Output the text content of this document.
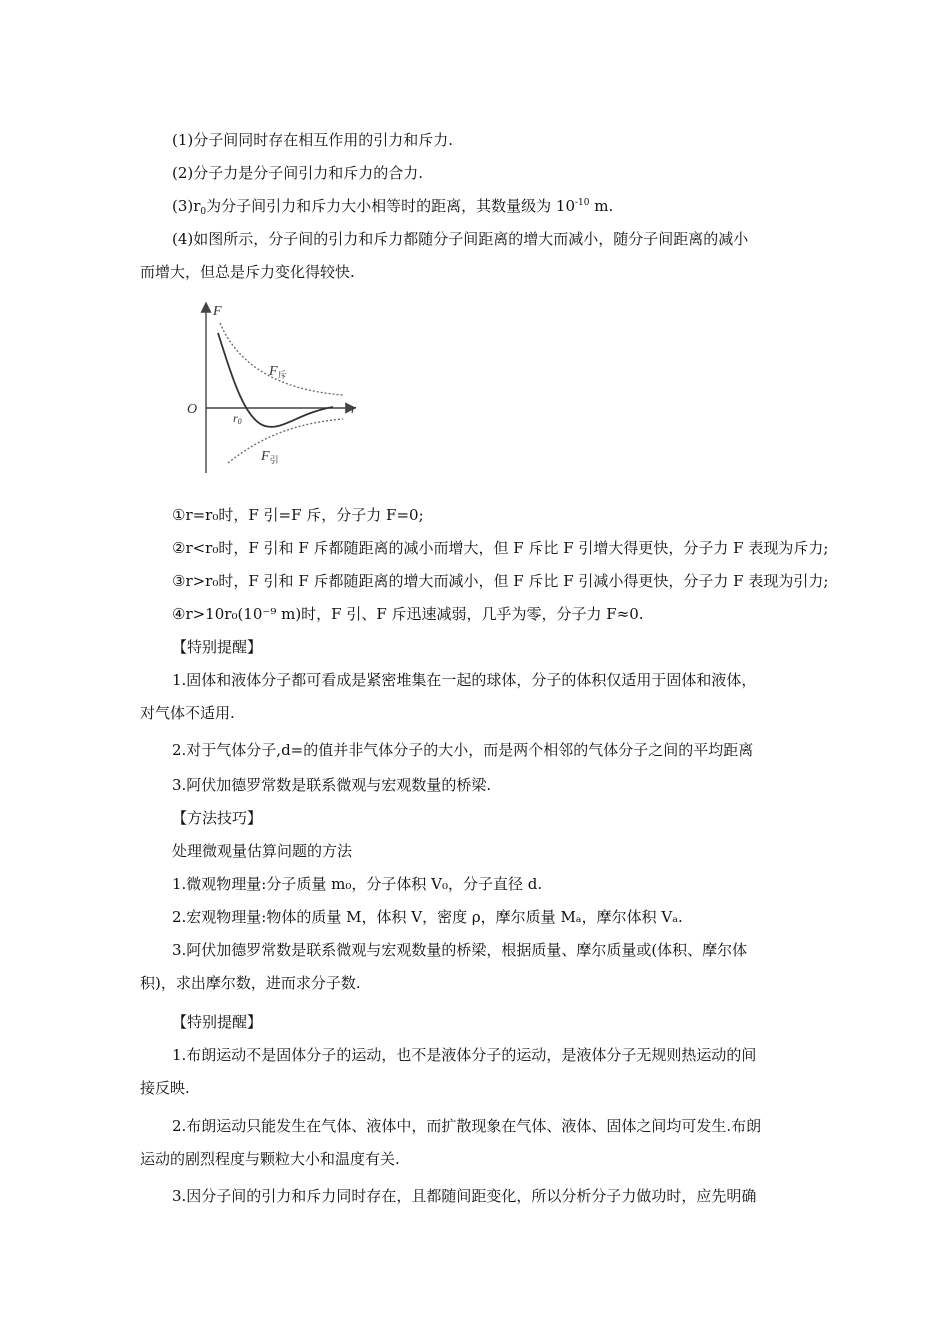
(1)分子间同时存在相互作用的引力和斥力.
(2)分子力是分子间引力和斥力的合力.
$(3)r_0$为分子间引力和斥力大小相等时的距离，其数量级为 $10^{-10}$ m.
(4)如图所示，分子间的引力和斥力都随分子间距离的增大而减小，随分子间距离的减小
而增大，但总是斥力变化得较快.
F
r
O
r0
$F_斥$
$F_引$
①r=r₀时，F 引=F 斥，分子力 F=0;
②r<r₀时，F 引和 F 斥都随距离的减小而增大，但 F 斥比 F 引增大得更快，分子力 F 表现为斥力;
③r>r₀时，F 引和 F 斥都随距离的增大而减小，但 F 斥比 F 引减小得更快，分子力 F 表现为引力;
④r>10r₀(10⁻⁹ m)时，F 引、F 斥迅速减弱，几乎为零，分子力 F≈0.
【特别提醒】
1.固体和液体分子都可看成是紧密堆集在一起的球体，分子的体积仅适用于固体和液体，
对气体不适用.
2.对于气体分子,d=的值并非气体分子的大小，而是两个相邻的气体分子之间的平均距离
3.阿伏加德罗常数是联系微观与宏观数量的桥梁.
【方法技巧】
处理微观量估算问题的方法
1.微观物理量:分子质量 m₀，分子体积 V₀，分子直径 d.
2.宏观物理量:物体的质量 M，体积 V，密度 ρ，摩尔质量 Mₐ，摩尔体积 Vₐ.
3.阿伏加德罗常数是联系微观与宏观数量的桥梁，根据质量、摩尔质量或(体积、摩尔体
积)，求出摩尔数，进而求分子数.
【特别提醒】
1.布朗运动不是固体分子的运动，也不是液体分子的运动，是液体分子无规则热运动的间
接反映.
2.布朗运动只能发生在气体、液体中，而扩散现象在气体、液体、固体之间均可发生.布朗
运动的剧烈程度与颗粒大小和温度有关.
3.因分子间的引力和斥力同时存在，且都随间距变化，所以分析分子力做功时，应先明确
